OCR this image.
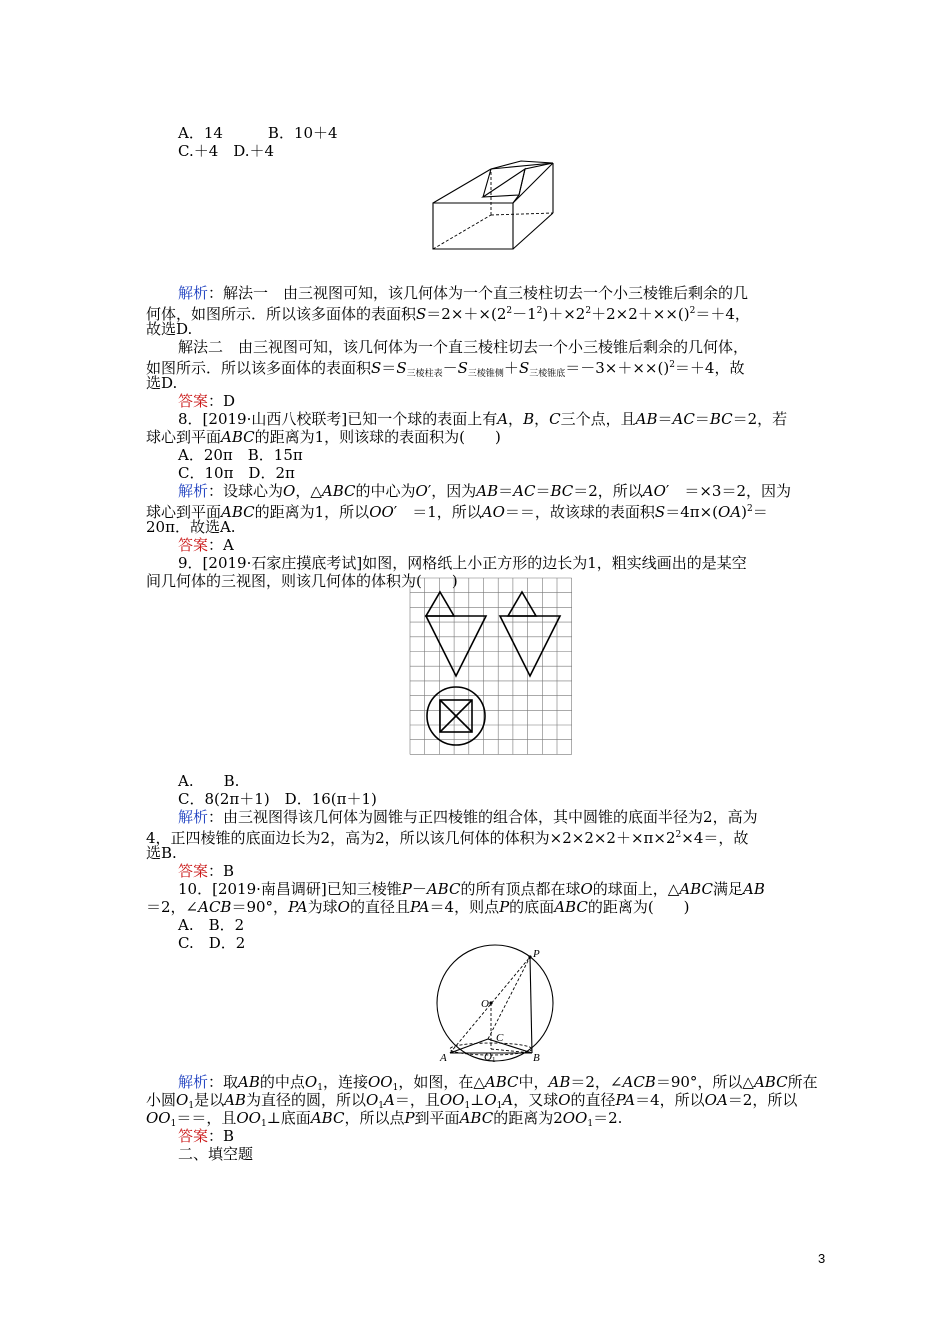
A．14　　　B．10＋4
C.＋4　D.＋4
解析：解法一　由三视图可知，该几何体为一个直三棱柱切去一个小三棱锥后剩余的几
何体，如图所示．所以该多面体的表面积$S=2\times+\times(2^2-1^2)+\times 2^2+2\times 2+\times\times()^2=+4$，
故选D.
解法二　由三视图可知，该几何体为一个直三棱柱切去一个小三棱锥后剩余的几何体，
如图所示．所以该多面体的表面积$S=S_{三棱柱表}-S_{三棱锥侧}+S_{三棱锥底}=-3\times+\times\times()^2=+4$，故
选D.
答案：D
8．[2019·山西八校联考]已知一个球的表面上有A，B，C三个点，且AB＝AC＝BC＝2，若
球心到平面ABC的距离为1，则该球的表面积为(　　)
A．20π　B．15π
C．10π　D．2π
解析：设球心为O，△ABC的中心为O′，因为AB＝AC＝BC＝2，所以AO′　＝×3＝2，因为
球心到平面ABC的距离为1，所以OO′　＝1，所以AO＝＝，故该球的表面积S＝4π×(OA)$^2$＝
20π．故选A.
答案：A
9．[2019·石家庄摸底考试]如图，网格纸上小正方形的边长为1，粗实线画出的是某空
间几何体的三视图，则该几何体的体积为(　　)
A.　　B.
C．8(2π＋1)　D．16(π＋1)
解析：由三视图得该几何体为圆锥与正四棱锥的组合体，其中圆锥的底面半径为2，高为
4，正四棱锥的底面边长为2，高为2，所以该几何体的体积为$\times 2\times 2\times 2+\times\pi\times 2^2\times 4=$，故
选B.
答案：B
10．[2019·南昌调研]已知三棱锥P－ABC的所有顶点都在球O的球面上，△ABC满足AB
＝2，∠ACB＝90°，PA为球O的直径且PA＝4，则点P的底面ABC的距离为(　　)
A.　B．2
C.　D．2
P
O
C
O 1
A	B
解析：取AB的中点$O_1$，连接$OO_1$，如图，在△ABC中，AB＝2，∠ACB＝90°，所以△ABC所在
小圆$O_1$是以AB为直径的圆，所以$O_1A=$，且$OO_1\perp O_1A$，又球O的直径PA＝4，所以OA＝2，所以
$OO_1==$，且$OO_1\perp$底面ABC，所以点P到平面ABC的距离为$2OO_1=2$.
答案：B
二、填空题
3
